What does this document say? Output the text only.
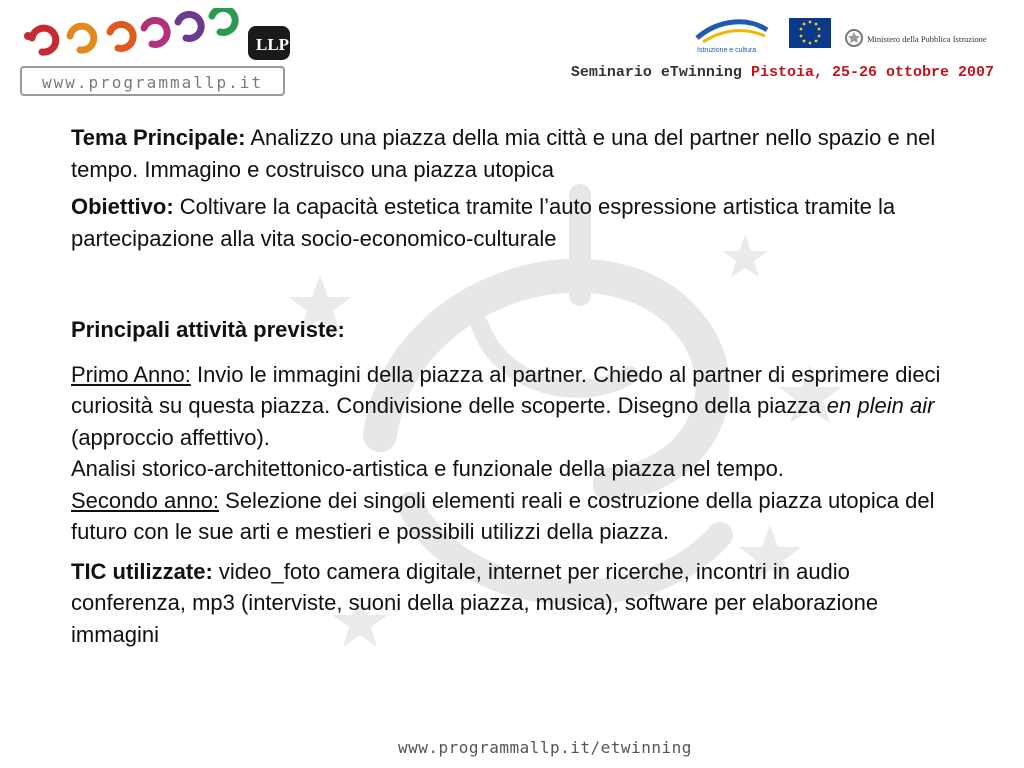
LLP
www.programmallp.it
Istruzione e cultura
Ministero della Pubblica Istruzione
Seminario eTwinning Pistoia, 25-26 ottobre 2007

Tema Principale: Analizzo una piazza della mia città e una del partner nello spazio e nel tempo. Immagino e costruisco una piazza utopica

Obiettivo: Coltivare la capacità estetica tramite l’auto espressione artistica tramite la partecipazione alla vita socio-economico-culturale

Principali attività previste:

Primo Anno: Invio le immagini della piazza al partner. Chiedo al partner di esprimere dieci curiosità su questa piazza. Condivisione delle scoperte. Disegno della piazza en plein air (approccio affettivo).
Analisi storico-architettonico-artistica e funzionale della piazza nel tempo.
Secondo anno: Selezione dei singoli elementi reali e costruzione della piazza utopica del futuro con le sue arti e mestieri e possibili utilizzi della piazza.

TIC utilizzate: video_foto camera digitale, internet per ricerche, incontri in audio conferenza, mp3 (interviste, suoni della piazza, musica), software per elaborazione immagini

www.programmallp.it/etwinning
